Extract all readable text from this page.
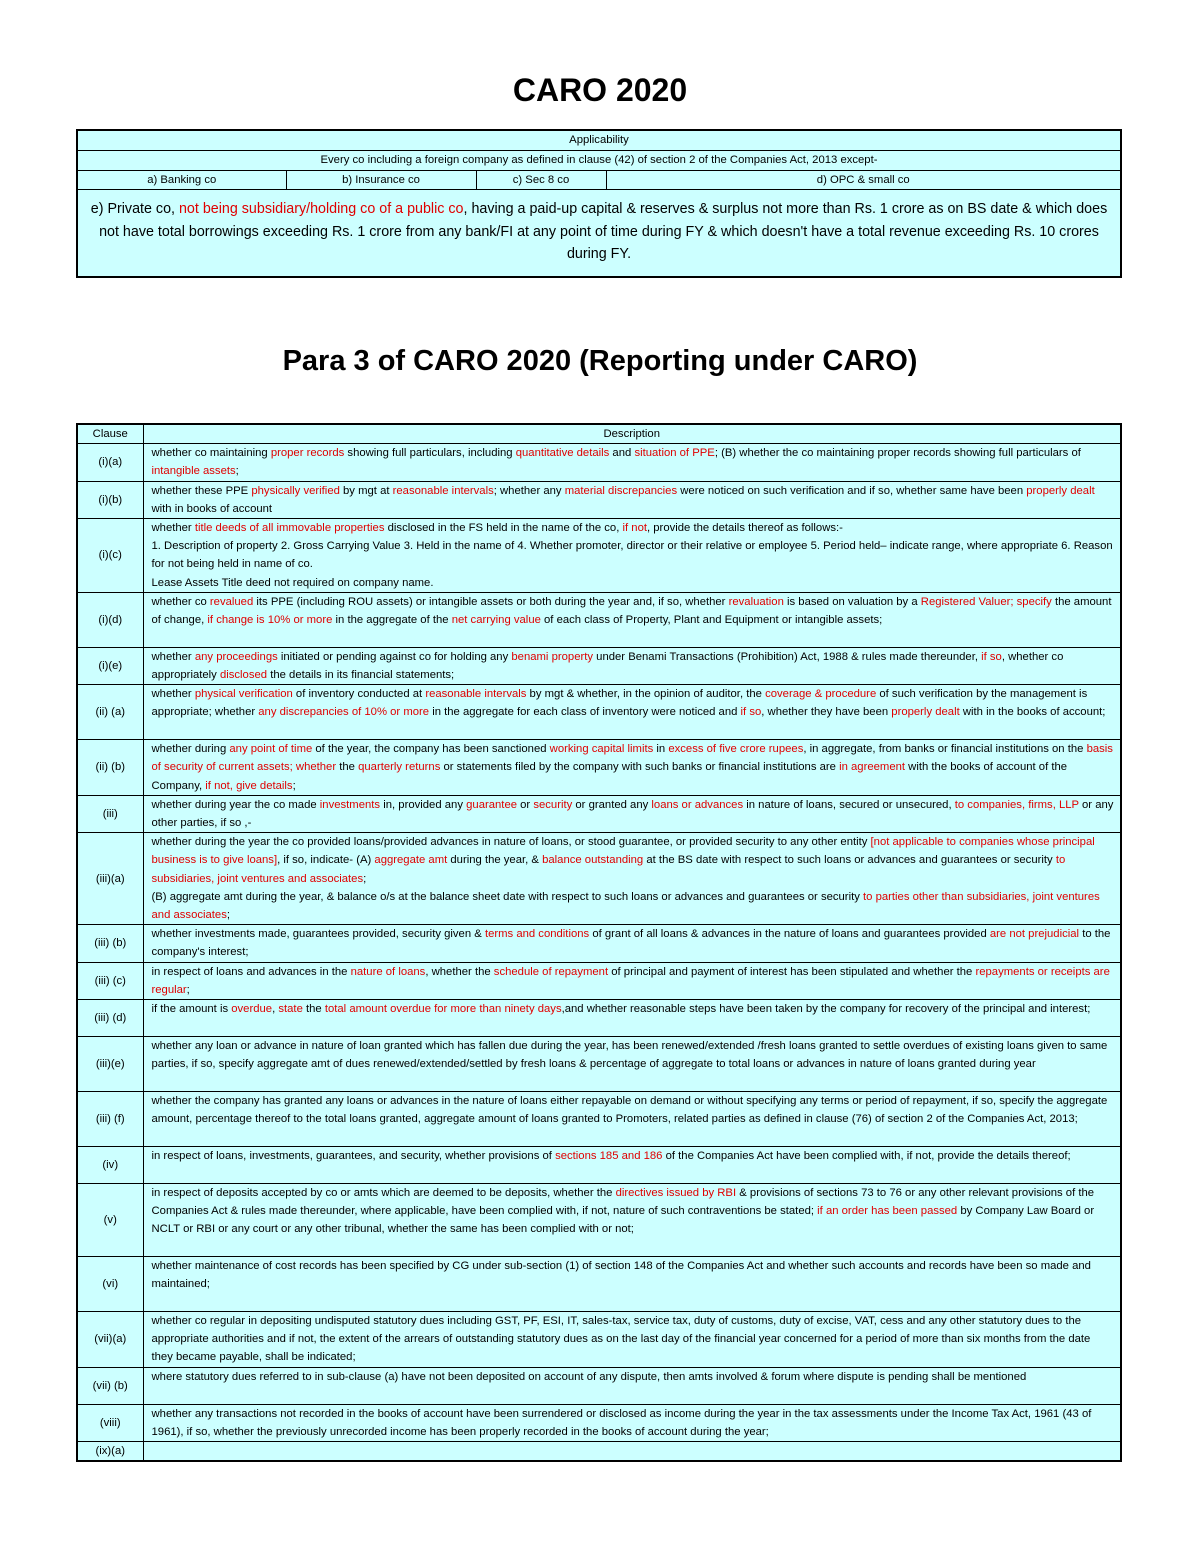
CARO 2020
Applicability
Every co including a foreign company as defined in clause (42) of section 2 of the Companies Act, 2013 except-
a) Banking co	b) Insurance co	c) Sec 8 co	d) OPC & small co
e) Private co, not being subsidiary/holding co of a public co, having a paid-up capital & reserves & surplus not more than Rs. 1 crore as on BS date & which does not have total borrowings exceeding Rs. 1 crore from any bank/FI at any point of time during FY & which doesn't have a total revenue exceeding Rs. 10 crores during FY.
Para 3 of CARO 2020 (Reporting under CARO)
Clause	Description
(i)(a)	whether co maintaining proper records showing full particulars, including quantitative details and situation of PPE; (B) whether the co maintaining proper records showing full particulars of intangible assets;
(i)(b)	whether these PPE physically verified by mgt at reasonable intervals; whether any material discrepancies were noticed on such verification and if so, whether same have been properly dealt with in books of account
(i)(c)	whether title deeds of all immovable properties disclosed in the FS held in the name of the co, if not, provide the details thereof as follows:-
1. Description of property 2. Gross Carrying Value 3. Held in the name of 4. Whether promoter, director or their relative or employee 5. Period held– indicate range, where appropriate 6. Reason for not being held in name of co.
Lease Assets Title deed not required on company name.

(i)(d)	whether co revalued its PPE (including ROU assets) or intangible assets or both during the year and, if so, whether revaluation is based on valuation by a Registered Valuer; specify the amount of change, if change is 10% or more in the aggregate of the net carrying value of each class of Property, Plant and Equipment or intangible assets;
(i)(e)	whether any proceedings initiated or pending against co for holding any benami property under Benami Transactions (Prohibition) Act, 1988 & rules made thereunder, if so, whether co appropriately disclosed the details in its financial statements;
(ii) (a)	whether physical verification of inventory conducted at reasonable intervals by mgt & whether, in the opinion of auditor, the coverage & procedure of such verification by the management is appropriate; whether any discrepancies of 10% or more in the aggregate for each class of inventory were noticed and if so, whether they have been properly dealt with in the books of account;
(ii) (b)	whether during any point of time of the year, the company has been sanctioned working capital limits in excess of five crore rupees, in aggregate, from banks or financial institutions on the basis of security of current assets; whether the quarterly returns or statements filed by the company with such banks or financial institutions are in agreement with the books of account of the Company, if not, give details;
(iii)	whether during year the co made investments in, provided any guarantee or security or granted any loans or advances in nature of loans, secured or unsecured, to companies, firms, LLP or any other parties, if so ,-
(iii)(a)	whether during the year the co provided loans/provided advances in nature of loans, or stood guarantee, or provided security to any other entity [not applicable to companies whose principal business is to give loans], if so, indicate- (A) aggregate amt during the year, & balance outstanding at the BS date with respect to such loans or advances and guarantees or security to subsidiaries, joint ventures and associates;
(B) aggregate amt during the year, & balance o/s at the balance sheet date with respect to such loans or advances and guarantees or security to parties other than subsidiaries, joint ventures and associates;

(iii) (b)	whether investments made, guarantees provided, security given & terms and conditions of grant of all loans & advances in the nature of loans and guarantees provided are not prejudicial to the company's interest;
(iii) (c)	in respect of loans and advances in the nature of loans, whether the schedule of repayment of principal and payment of interest has been stipulated and whether the repayments or receipts are regular;
(iii) (d)	if the amount is overdue, state the total amount overdue for more than ninety days,and whether reasonable steps have been taken by the company for recovery of the principal and interest;
(iii)(e)	whether any loan or advance in nature of loan granted which has fallen due during the year, has been renewed/extended /fresh loans granted to settle overdues of existing loans given to same parties, if so, specify aggregate amt of dues renewed/extended/settled by fresh loans & percentage of aggregate to total loans or advances in nature of loans granted during year
(iii) (f)	whether the company has granted any loans or advances in the nature of loans either repayable on demand or without specifying any terms or period of repayment, if so, specify the aggregate amount, percentage thereof to the total loans granted, aggregate amount of loans granted to Promoters, related parties as defined in clause (76) of section 2 of the Companies Act, 2013;
(iv)	in respect of loans, investments, guarantees, and security, whether provisions of sections 185 and 186 of the Companies Act have been complied with, if not, provide the details thereof;
(v)	in respect of deposits accepted by co or amts which are deemed to be deposits, whether the directives issued by RBI & provisions of sections 73 to 76 or any other relevant provisions of the Companies Act & rules made thereunder, where applicable, have been complied with, if not, nature of such contraventions be stated; if an order has been passed by Company Law Board or NCLT or RBI or any court or any other tribunal, whether the same has been complied with or not;
(vi)	whether maintenance of cost records has been specified by CG under sub-section (1) of section 148 of the Companies Act and whether such accounts and records have been so made and maintained;
(vii)(a)	whether co regular in depositing undisputed statutory dues including GST, PF, ESI, IT, sales-tax, service tax, duty of customs, duty of excise, VAT, cess and any other statutory dues to the appropriate authorities and if not, the extent of the arrears of outstanding statutory dues as on the last day of the financial year concerned for a period of more than six months from the date they became payable, shall be indicated;
(vii) (b)	where statutory dues referred to in sub-clause (a) have not been deposited on account of any dispute, then amts involved & forum where dispute is pending shall be mentioned
(viii)	whether any transactions not recorded in the books of account have been surrendered or disclosed as income during the year in the tax assessments under the Income Tax Act, 1961 (43 of 1961), if so, whether the previously unrecorded income has been properly recorded in the books of account during the year;
(ix)(a)	
